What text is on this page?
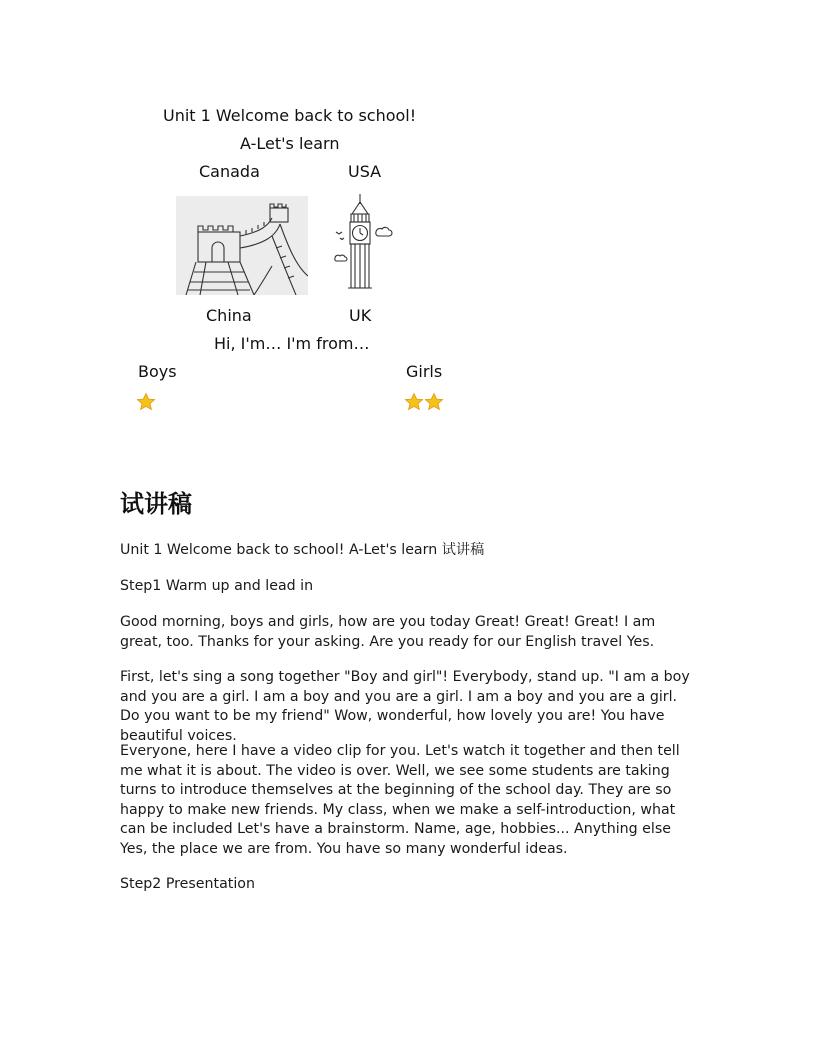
Unit 1 Welcome back to school!
A-Let's learn
Canada	USA
China	UK
Hi, I'm… I'm from…
Boys	Girls
试讲稿

Unit 1 Welcome back to school! A-Let's learn 试讲稿

Step1 Warm up and lead in

Good morning, boys and girls, how are you today Great! Great! Great! I am great, too. Thanks for your asking. Are you ready for our English travel Yes.

First, let's sing a song together "Boy and girl"! Everybody, stand up. "I am a boy and you are a girl. I am a boy and you are a girl. I am a boy and you are a girl. Do you want to be my friend" Wow, wonderful, how lovely you are! You have beautiful voices.

Everyone, here I have a video clip for you. Let's watch it together and then tell me what it is about. The video is over. Well, we see some students are taking turns to introduce themselves at the beginning of the school day. They are so happy to make new friends. My class, when we make a self-introduction, what can be included Let's have a brainstorm. Name, age, hobbies... Anything else Yes, the place we are from. You have so many wonderful ideas.

Step2 Presentation
